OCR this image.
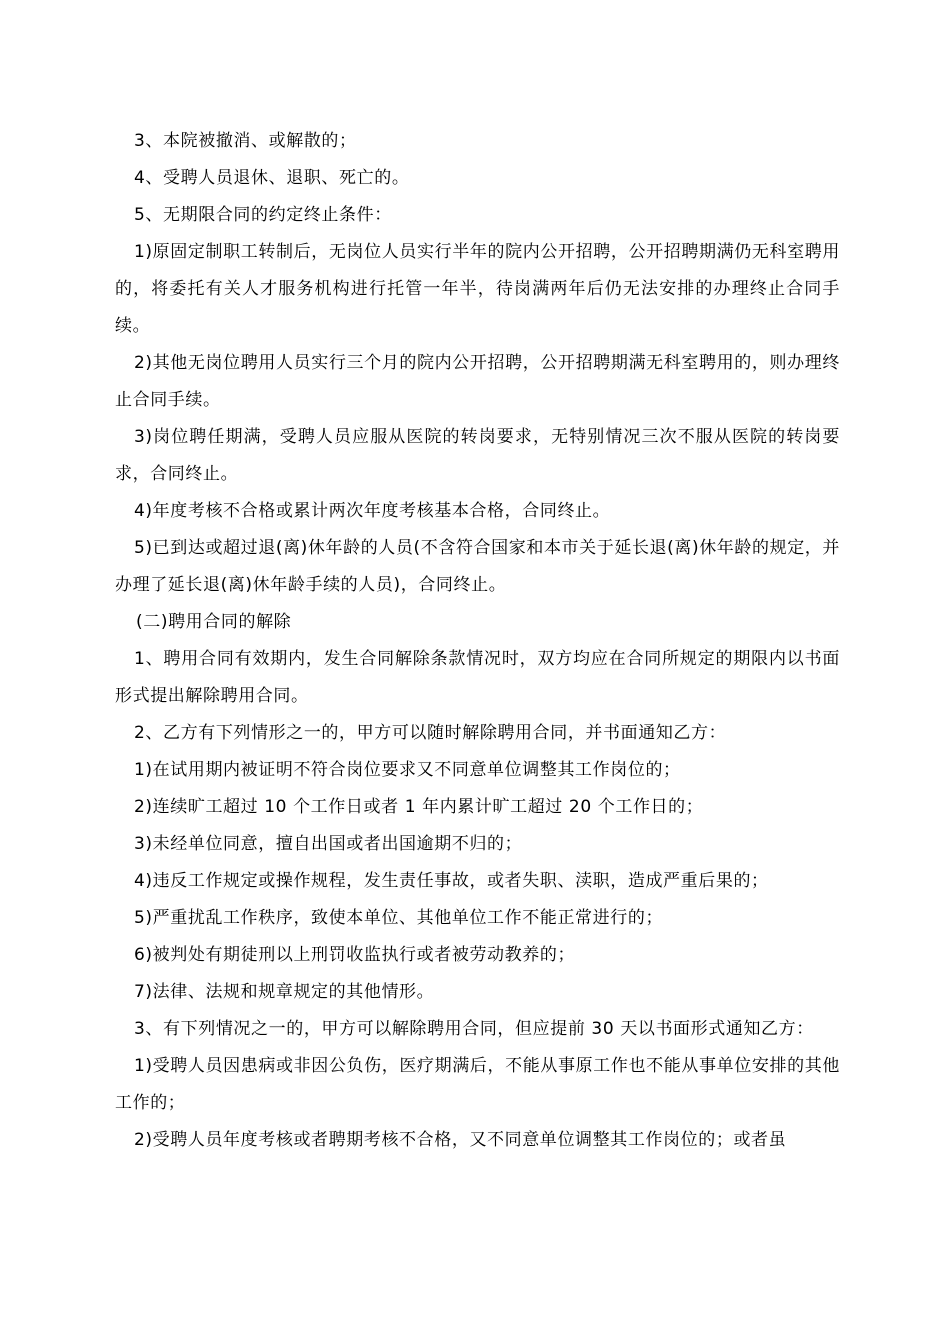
3、本院被撤消、或解散的；

4、受聘人员退休、退职、死亡的。

5、无期限合同的约定终止条件：

1)原固定制职工转制后，无岗位人员实行半年的院内公开招聘，公开招聘期满仍无科室聘用的，将委托有关人才服务机构进行托管一年半，待岗满两年后仍无法安排的办理终止合同手续。

2)其他无岗位聘用人员实行三个月的院内公开招聘，公开招聘期满无科室聘用的，则办理终止合同手续。

3)岗位聘任期满，受聘人员应服从医院的转岗要求，无特别情况三次不服从医院的转岗要求，合同终止。

4)年度考核不合格或累计两次年度考核基本合格，合同终止。

5)已到达或超过退(离)休年龄的人员(不含符合国家和本市关于延长退(离)休年龄的规定，并办理了延长退(离)休年龄手续的人员)，合同终止。

(二)聘用合同的解除

1、聘用合同有效期内，发生合同解除条款情况时，双方均应在合同所规定的期限内以书面形式提出解除聘用合同。

2、乙方有下列情形之一的，甲方可以随时解除聘用合同，并书面通知乙方：

1)在试用期内被证明不符合岗位要求又不同意单位调整其工作岗位的；

2)连续旷工超过 10 个工作日或者 1 年内累计旷工超过 20 个工作日的；

3)未经单位同意，擅自出国或者出国逾期不归的；

4)违反工作规定或操作规程，发生责任事故，或者失职、渎职，造成严重后果的；

5)严重扰乱工作秩序，致使本单位、其他单位工作不能正常进行的；

6)被判处有期徒刑以上刑罚收监执行或者被劳动教养的；

7)法律、法规和规章规定的其他情形。

3、有下列情况之一的，甲方可以解除聘用合同，但应提前 30 天以书面形式通知乙方：

1)受聘人员因患病或非因公负伤，医疗期满后，不能从事原工作也不能从事单位安排的其他工作的；

2)受聘人员年度考核或者聘期考核不合格，又不同意单位调整其工作岗位的；或者虽
